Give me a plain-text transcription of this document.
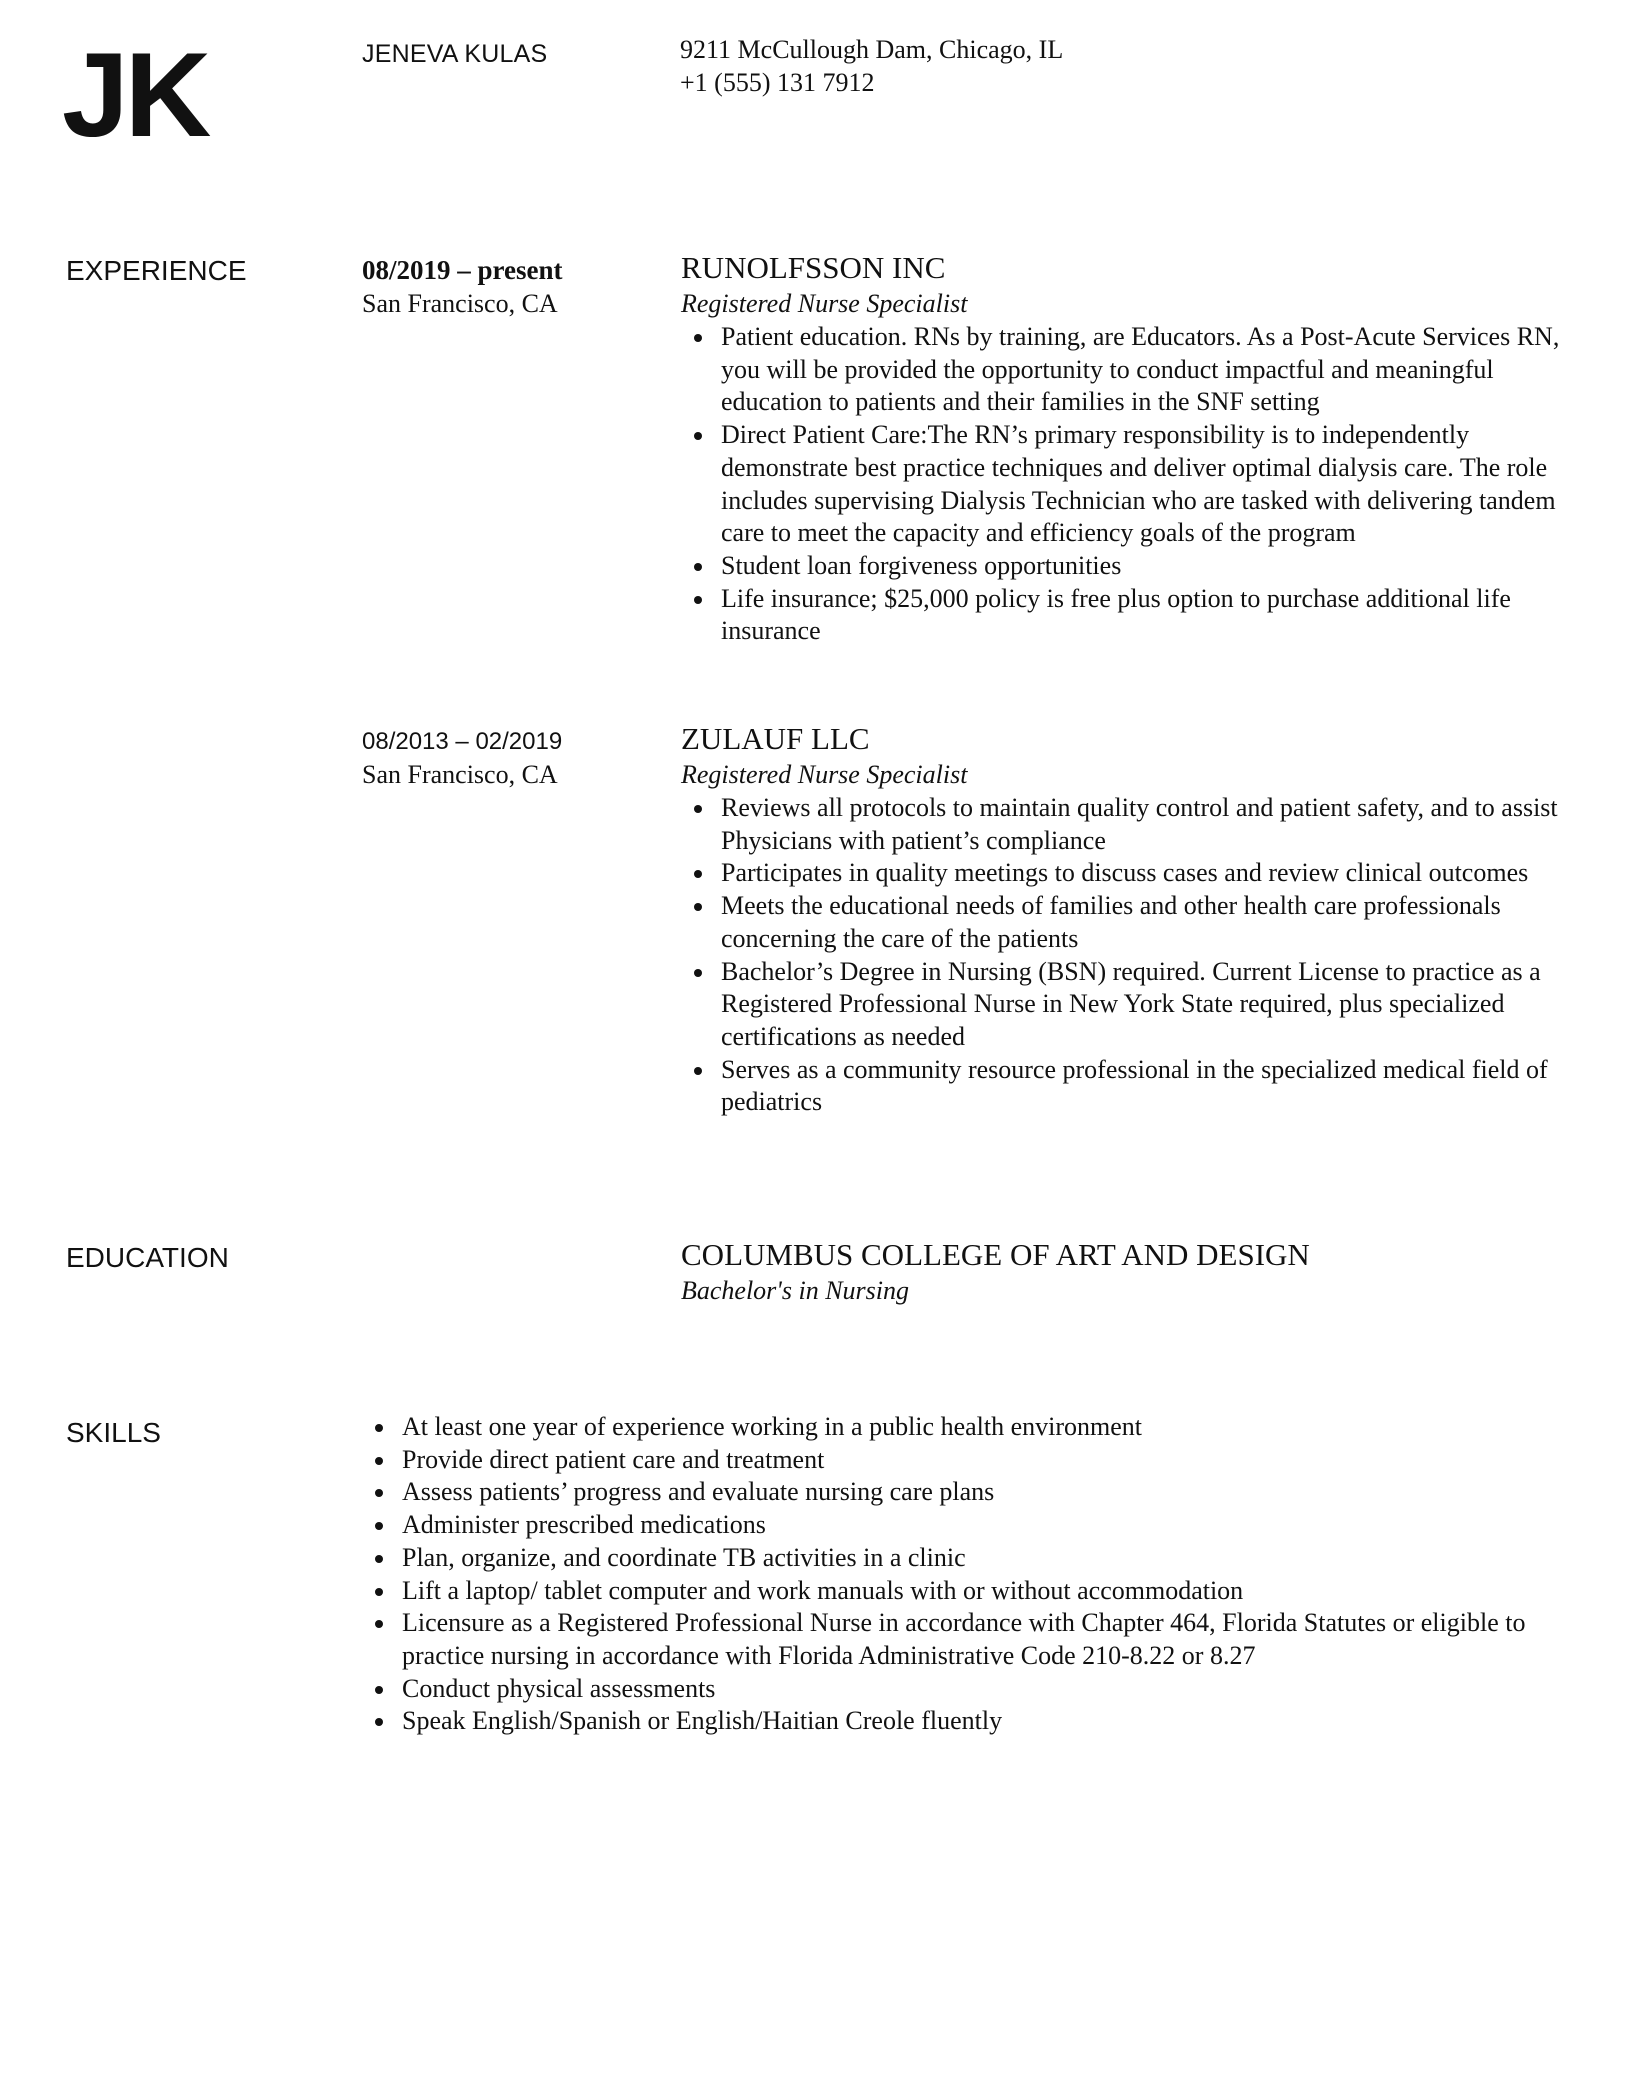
JK	JENEVA KULAS	9211 McCullough Dam, Chicago, IL
+1 (555) 131 7912
EXPERIENCE	08/2019 – present
San Francisco, CA
RUNOLFSSON INC
Registered Nurse Specialist
Patient education. RNs by training, are Educators. As a Post-Acute Services RN, you will be provided the opportunity to conduct impactful and meaningful education to patients and their families in the SNF setting
Direct Patient Care:The RN’s primary responsibility is to independently demonstrate best practice techniques and deliver optimal dialysis care. The role includes supervising Dialysis Technician who are tasked with delivering tandem care to meet the capacity and efficiency goals of the program
Student loan forgiveness opportunities
Life insurance; $25,000 policy is free plus option to purchase additional life insurance
08/2013 – 02/2019
San Francisco, CA
ZULAUF LLC
Registered Nurse Specialist
Reviews all protocols to maintain quality control and patient safety, and to assist Physicians with patient’s compliance
Participates in quality meetings to discuss cases and review clinical outcomes
Meets the educational needs of families and other health care professionals concerning the care of the patients
Bachelor’s Degree in Nursing (BSN) required. Current License to practice as a Registered Professional Nurse in New York State required, plus specialized certifications as needed
Serves as a community resource professional in the specialized medical field of pediatrics
EDUCATION	COLUMBUS COLLEGE OF ART AND DESIGN
Bachelor's in Nursing
SKILLS	At least one year of experience working in a public health environment
Provide direct patient care and treatment
Assess patients’ progress and evaluate nursing care plans
Administer prescribed medications
Plan, organize, and coordinate TB activities in a clinic
Lift a laptop/ tablet computer and work manuals with or without accommodation
Licensure as a Registered Professional Nurse in accordance with Chapter 464, Florida Statutes or eligible to practice nursing in accordance with Florida Administrative Code 210-8.22 or 8.27
Conduct physical assessments
Speak English/Spanish or English/Haitian Creole fluently
